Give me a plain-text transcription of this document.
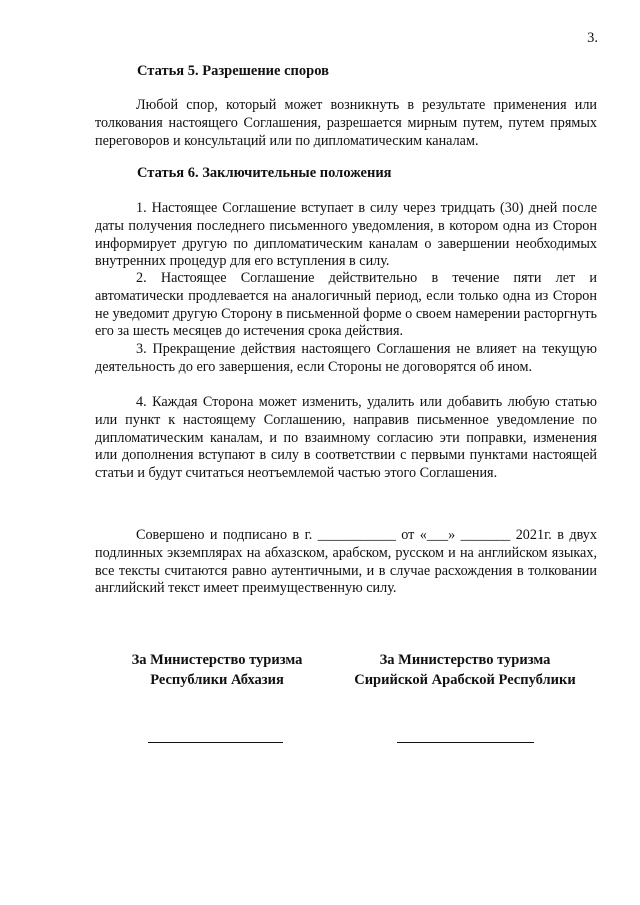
3.
Статья 5. Разрешение споров

Любой спор, который может возникнуть в результате применения или толкования настоящего Соглашения, разрешается мирным путем, путем прямых переговоров и консультаций или по дипломатическим каналам.

Статья 6. Заключительные положения

1. Настоящее Соглашение вступает в силу через тридцать (30) дней после даты получения последнего письменного уведомления, в котором одна из Сторон информирует другую по дипломатическим каналам о завершении необходимых внутренних процедур для его вступления в силу.

2. Настоящее Соглашение действительно в течение пяти лет и автоматически продлевается на аналогичный период, если только одна из Сторон не уведомит другую Сторону в письменной форме о своем намерении расторгнуть его за шесть месяцев до истечения срока действия.

3. Прекращение действия настоящего Соглашения не влияет на текущую деятельность до его завершения, если Стороны не договорятся об ином.

4. Каждая Сторона может изменить, удалить или добавить любую статью или пункт к настоящему Соглашению, направив письменное уведомление по дипломатическим каналам, и по взаимному согласию эти поправки, изменения или дополнения вступают в силу в соответствии с первыми пунктами настоящей статьи и будут считаться неотъемлемой частью этого Соглашения.

Совершено и подписано в г. ___________ от «___» _______ 2021г. в двух подлинных экземплярах на абхазском, арабском, русском и на английском языках, все тексты считаются равно аутентичными, и в случае расхождения в толковании английский текст имеет преимущественную силу.

За Министерство туризма
Республики Абхазия
За Министерство туризма
Сирийской Арабской Республики
